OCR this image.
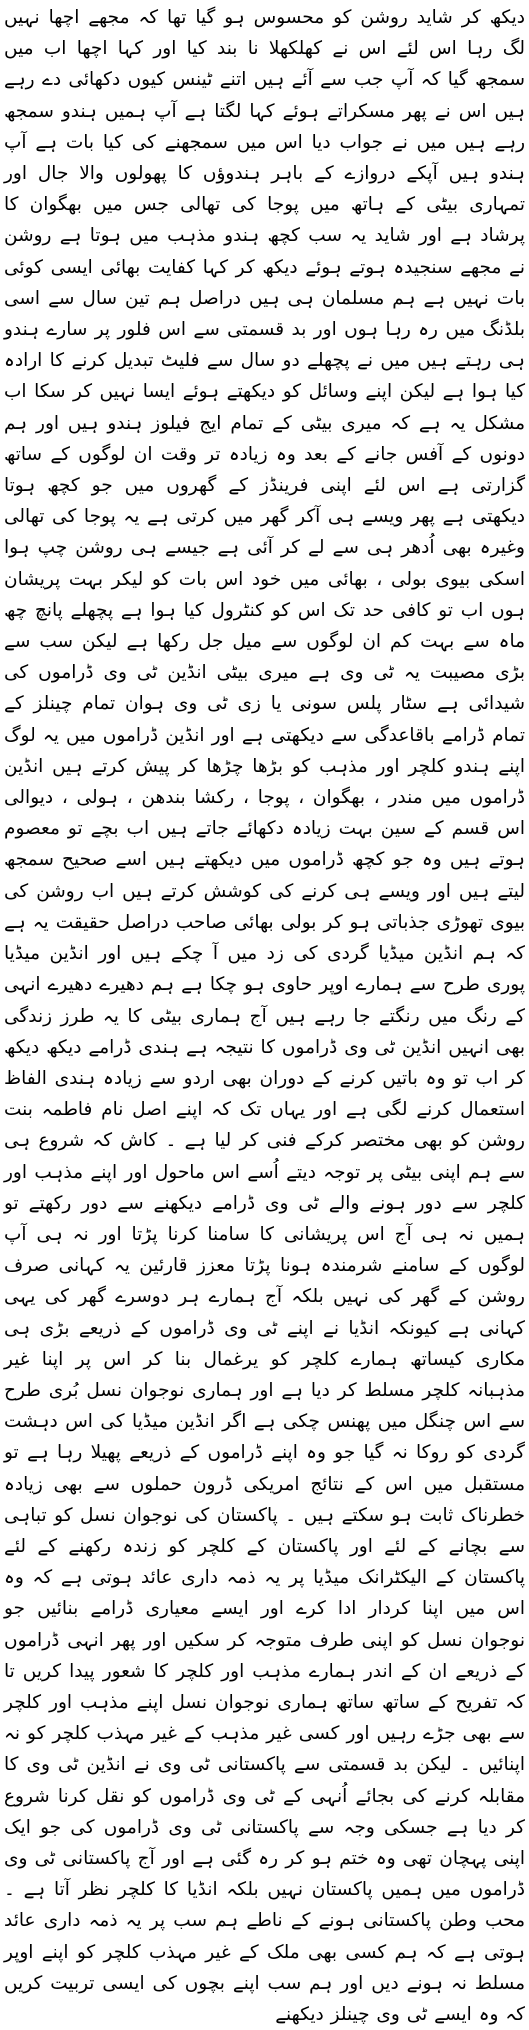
دیکھ کر شاید روشن کو محسوس ہو گیا تھا کہ مجھے اچھا نہیں لگ رہا اس لئے اس نے کھلکھلا نا بند کیا اور کہا اچھا اب میں سمجھ گیا کہ آپ جب سے آئے ہیں اتنے ٹینس کیوں دکھائی دے رہے ہیں اس نے پھر مسکراتے ہوئے کہا لگتا ہے آپ ہمیں ہندو سمجھ رہے ہیں میں نے جواب دیا اس میں سمجھنے کی کیا بات ہے آپ ہندو ہیں آپکے دروازے کے باہر ہندوؤں کا پھولوں والا جال اور تمہاری بیٹی کے ہاتھ میں پوجا کی تھالی جس میں بھگوان کا پرشاد ہے اور شاید یہ سب کچھ ہندو مذہب میں ہوتا ہے روشن نے مجھے سنجیدہ ہوتے ہوئے دیکھ کر کہا کفایت بھائی ایسی کوئی بات نہیں ہے ہم مسلمان ہی ہیں دراصل ہم تین سال سے اسی بلڈنگ میں رہ رہا ہوں اور بد قسمتی سے اس فلور پر سارے ہندو ہی رہتے ہیں میں نے پچھلے دو سال سے فلیٹ تبدیل کرنے کا ارادہ کیا ہوا ہے لیکن اپنے وسائل کو دیکھتے ہوئے ایسا نہیں کر سکا اب مشکل یہ ہے کہ میری بیٹی کے تمام ایج فیلوز ہندو ہیں اور ہم دونوں کے آفس جانے کے بعد وہ زیادہ تر وقت ان لوگوں کے ساتھ گزارتی ہے اس لئے اپنی فرینڈز کے گھروں میں جو کچھ ہوتا دیکھتی ہے پھر ویسے ہی آکر گھر میں کرتی ہے یہ پوجا کی تھالی وغیرہ بھی اُدھر ہی سے لے کر آئی ہے جیسے ہی روشن چپ ہوا اسکی بیوی بولی ، بھائی میں خود اس بات کو لیکر بہت پریشان ہوں اب تو کافی حد تک اس کو کنٹرول کیا ہوا ہے پچھلے پانچ چھ ماہ سے بہت کم ان لوگوں سے میل جل رکھا ہے لیکن سب سے بڑی مصیبت یہ ٹی وی ہے میری بیٹی انڈین ٹی وی ڈراموں کی شیدائی ہے سٹار پلس سونی یا زی ٹی وی ہوان تمام چینلز کے تمام ڈرامے باقاعدگی سے دیکھتی ہے اور انڈین ڈراموں میں یہ لوگ اپنے ہندو کلچر اور مذہب کو بڑھا چڑھا کر پیش کرتے ہیں انڈین ڈراموں میں مندر ، بھگوان ، پوجا ، رکشا بندھن ، ہولی ، دیوالی اس قسم کے سین بہت زیادہ دکھائے جاتے ہیں اب بچے تو معصوم ہوتے ہیں وہ جو کچھ ڈراموں میں دیکھتے ہیں اسے صحیح سمجھ لیتے ہیں اور ویسے ہی کرنے کی کوشش کرتے ہیں اب روشن کی بیوی تھوڑی جذباتی ہو کر بولی بھائی صاحب دراصل حقیقت یہ ہے کہ ہم انڈین میڈیا گردی کی زد میں آ چکے ہیں اور انڈین میڈیا پوری طرح سے ہمارے اوپر حاوی ہو چکا ہے ہم دھیرے دھیرے انہی کے رنگ میں رنگتے جا رہے ہیں آج ہماری بیٹی کا یہ طرز زندگی بھی انہیں انڈین ٹی وی ڈراموں کا نتیجہ ہے ہندی ڈرامے دیکھ دیکھ کر اب تو وہ باتیں کرنے کے دوران بھی اردو سے زیادہ ہندی الفاظ استعمال کرنے لگی ہے اور یہاں تک کہ اپنے اصل نام فاطمہ بنت روشن کو بھی مختصر کرکے فنی کر لیا ہے ۔ کاش کہ شروع ہی سے ہم اپنی بیٹی پر توجہ دیتے اُسے اس ماحول اور اپنے مذہب اور کلچر سے دور ہونے والے ٹی وی ڈرامے دیکھنے سے دور رکھتے تو ہمیں نہ ہی آج اس پریشانی کا سامنا کرنا پڑتا اور نہ ہی آپ لوگوں کے سامنے شرمندہ ہونا پڑتا معزز قارئین یہ کہانی صرف روشن کے گھر کی نہیں بلکہ آج ہمارے ہر دوسرے گھر کی یہی کہانی ہے کیونکہ انڈیا نے اپنے ٹی وی ڈراموں کے ذریعے بڑی ہی مکاری کیساتھ ہمارے کلچر کو یرغمال بنا کر اس پر اپنا غیر مذہبانہ کلچر مسلط کر دیا ہے اور ہماری نوجوان نسل بُری طرح سے اس چنگل میں پھنس چکی ہے اگر انڈین میڈیا کی اس دہشت گردی کو روکا نہ گیا جو وہ اپنے ڈراموں کے ذریعے پھیلا رہا ہے تو مستقبل میں اس کے نتائج امریکی ڈرون حملوں سے بھی زیادہ خطرناک ثابت ہو سکتے ہیں ۔ پاکستان کی نوجوان نسل کو تباہی سے بچانے کے لئے اور پاکستان کے کلچر کو زندہ رکھنے کے لئے پاکستان کے الیکٹرانک میڈیا پر یہ ذمہ داری عائد ہوتی ہے کہ وہ اس میں اپنا کردار ادا کرے اور ایسے معیاری ڈرامے بنائیں جو نوجوان نسل کو اپنی طرف متوجہ کر سکیں اور پھر انہی ڈراموں کے ذریعے ان کے اندر ہمارے مذہب اور کلچر کا شعور پیدا کریں تا کہ تفریح کے ساتھ ساتھ ہماری نوجوان نسل اپنے مذہب اور کلچر سے بھی جڑے رہیں اور کسی غیر مذہب کے غیر مہذب کلچر کو نہ اپنائیں ۔ لیکن بد قسمتی سے پاکستانی ٹی وی نے انڈین ٹی وی کا مقابلہ کرنے کی بجائے اُنہی کے ٹی وی ڈراموں کو نقل کرنا شروع کر دیا ہے جسکی وجہ سے پاکستانی ٹی وی ڈراموں کی جو ایک اپنی پہچان تھی وہ ختم ہو کر رہ گئی ہے اور آج پاکستانی ٹی وی ڈراموں میں ہمیں پاکستان نہیں بلکہ انڈیا کا کلچر نظر آتا ہے ۔ محب وطن پاکستانی ہونے کے ناطے ہم سب پر یہ ذمہ داری عائد ہوتی ہے کہ ہم کسی بھی ملک کے غیر مہذب کلچر کو اپنے اوپر مسلط نہ ہونے دیں اور ہم سب اپنے بچوں کی ایسی تربیت کریں کہ وہ ایسے ٹی وی چینلز دیکھنے
